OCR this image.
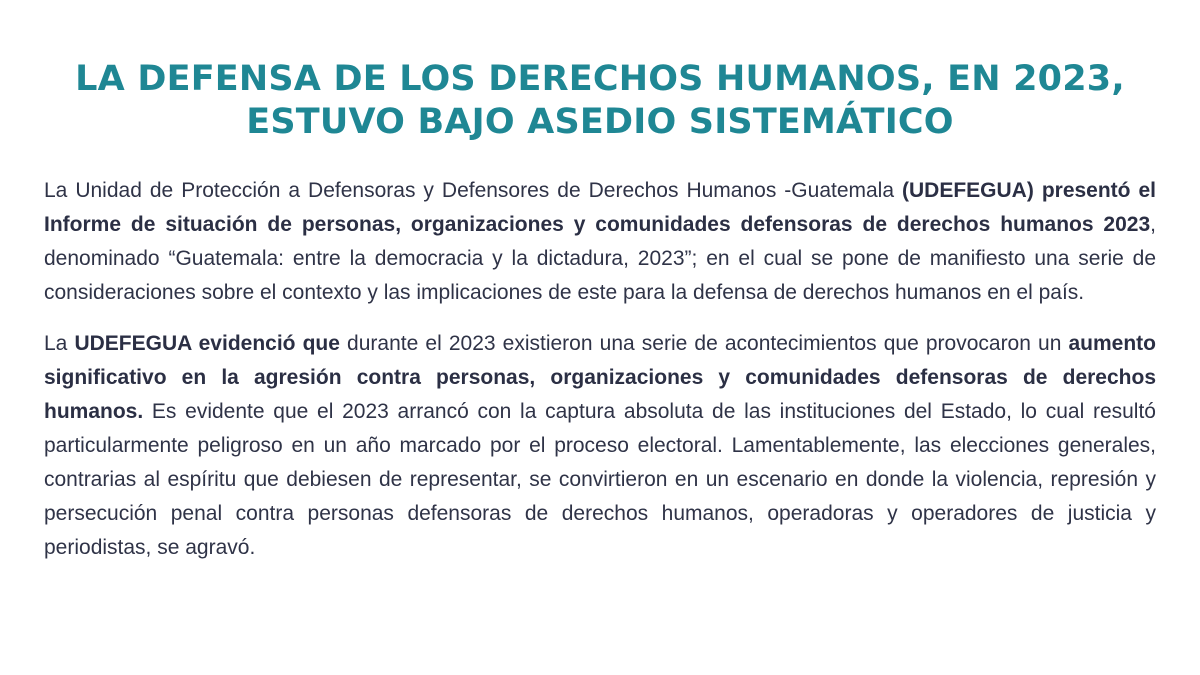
LA DEFENSA DE LOS DERECHOS HUMANOS, EN 2023,
ESTUVO BAJO ASEDIO SISTEMÁTICO

La Unidad de Protección a Defensoras y Defensores de Derechos Humanos -Guatemala (UDEFEGUA) presentó el Informe de situación de personas, organizaciones y comunidades defensoras de derechos humanos 2023, denominado “Guatemala: entre la democracia y la dictadura, 2023”; en el cual se pone de manifiesto una serie de consideraciones sobre el contexto y las implicaciones de este para la defensa de derechos humanos en el país.

La UDEFEGUA evidenció que durante el 2023 existieron una serie de acontecimientos que provocaron un aumento significativo en la agresión contra personas, organizaciones y comunidades defensoras de derechos humanos. Es evidente que el 2023 arrancó con la captura absoluta de las instituciones del Estado, lo cual resultó particularmente peligroso en un año marcado por el proceso electoral. Lamentablemente, las elecciones generales, contrarias al espíritu que debiesen de representar, se convirtieron en un escenario en donde la violencia, represión y persecución penal contra personas defensoras de derechos humanos, operadoras y operadores de justicia y periodistas, se agravó.
